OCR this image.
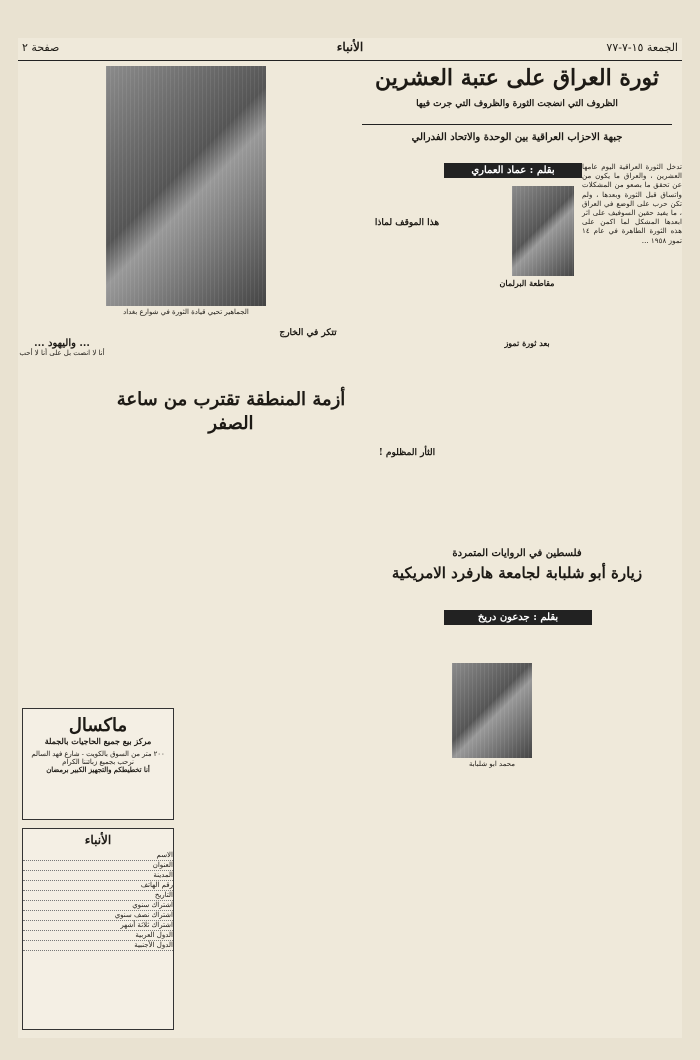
الجمعة ١٥-٧-٧٧
الأنباء
صفحة ٢
ثورة العراق على عتبة العشرين
الظروف التي انضجت الثورة والظروف التي جرت فيها
جبهة الاحزاب العراقية بين الوحدة والاتحاد الفدرالي
بقلم : عماد العماري	تدخل الثورة العراقية اليوم عامها العشرين ، والعراق ما يكون من عن تحقق ما بصعو من المشكلات واتساق قبل الثورة وبعدها ، ولم تكن حرب على الوضع في العراق ، ما يفيد حقين السوفيف على اثر ابعدها المشكل لما اكمن على هذه الثورة الطاهرة في عام ١٤ تموز ١٩٥٨ ...
مقاطعة البرلمان
بعد ثورة تموز
هذا الموقف لماذا
الثأر المظلوم !
الجماهير تحيي قيادة الثورة في شوارع بغداد
تتكر في الخارج
... واليهود ...
أنا لا انصت بل على أنا لا أحب
أزمة المنطقة تقترب من ساعة الصفر
فلسطين في الروايات المتمردة
زيارة أبو شلبابة لجامعة هارفرد الامريكية
بقلم : جدعون دريخ
محمد ابو شلبابة
ماكسال
مركز بيع جميع الحاجيات بالجملة
٢٠٠ متر من السوق بالكويت - شارع فهد السالم
نرحب بجميع زبائننا الكرام
أنا تخطيطكم والتجهيز الكبير برمضان
الأنباء
الاسم
العنوان
المدينة
رقم الهاتف
التاريخ
اشتراك سنوي
اشتراك نصف سنوي
اشتراك ثلاثة أشهر
الدول العربية
الدول الأجنبية
